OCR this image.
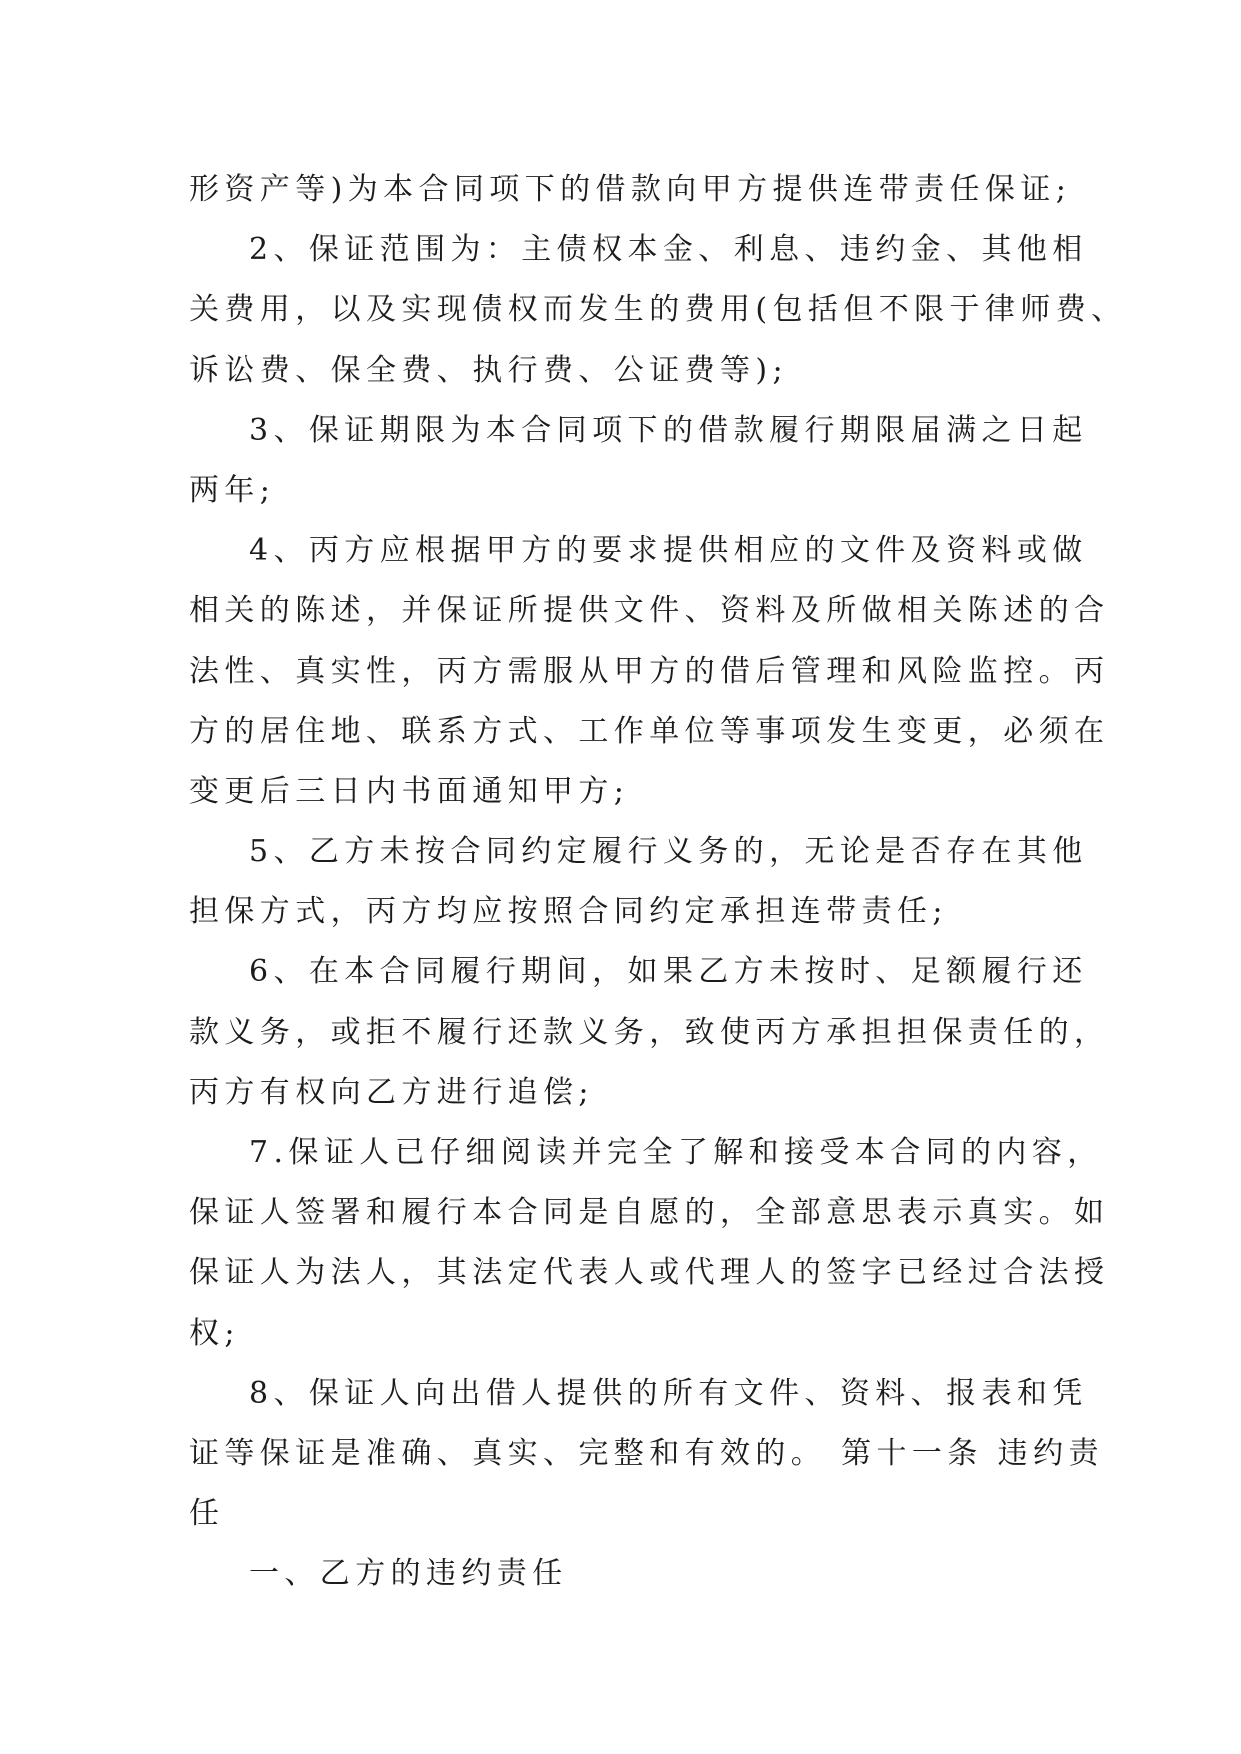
形资产等)为本合同项下的借款向甲方提供连带责任保证;
2、保证范围为：主债权本金、利息、违约金、其他相
关费用，以及实现债权而发生的费用(包括但不限于律师费、
诉讼费、保全费、执行费、公证费等);
3、保证期限为本合同项下的借款履行期限届满之日起
两年;
4、丙方应根据甲方的要求提供相应的文件及资料或做
相关的陈述，并保证所提供文件、资料及所做相关陈述的合
法性、真实性，丙方需服从甲方的借后管理和风险监控。丙
方的居住地、联系方式、工作单位等事项发生变更，必须在
变更后三日内书面通知甲方;
5、乙方未按合同约定履行义务的，无论是否存在其他
担保方式，丙方均应按照合同约定承担连带责任;
6、在本合同履行期间，如果乙方未按时、足额履行还
款义务，或拒不履行还款义务，致使丙方承担担保责任的，
丙方有权向乙方进行追偿;
7.保证人已仔细阅读并完全了解和接受本合同的内容，
保证人签署和履行本合同是自愿的，全部意思表示真实。如
保证人为法人，其法定代表人或代理人的签字已经过合法授
权;
8、保证人向出借人提供的所有文件、资料、报表和凭
证等保证是准确、真实、完整和有效的。 第十一条 违约责
任
一、乙方的违约责任
